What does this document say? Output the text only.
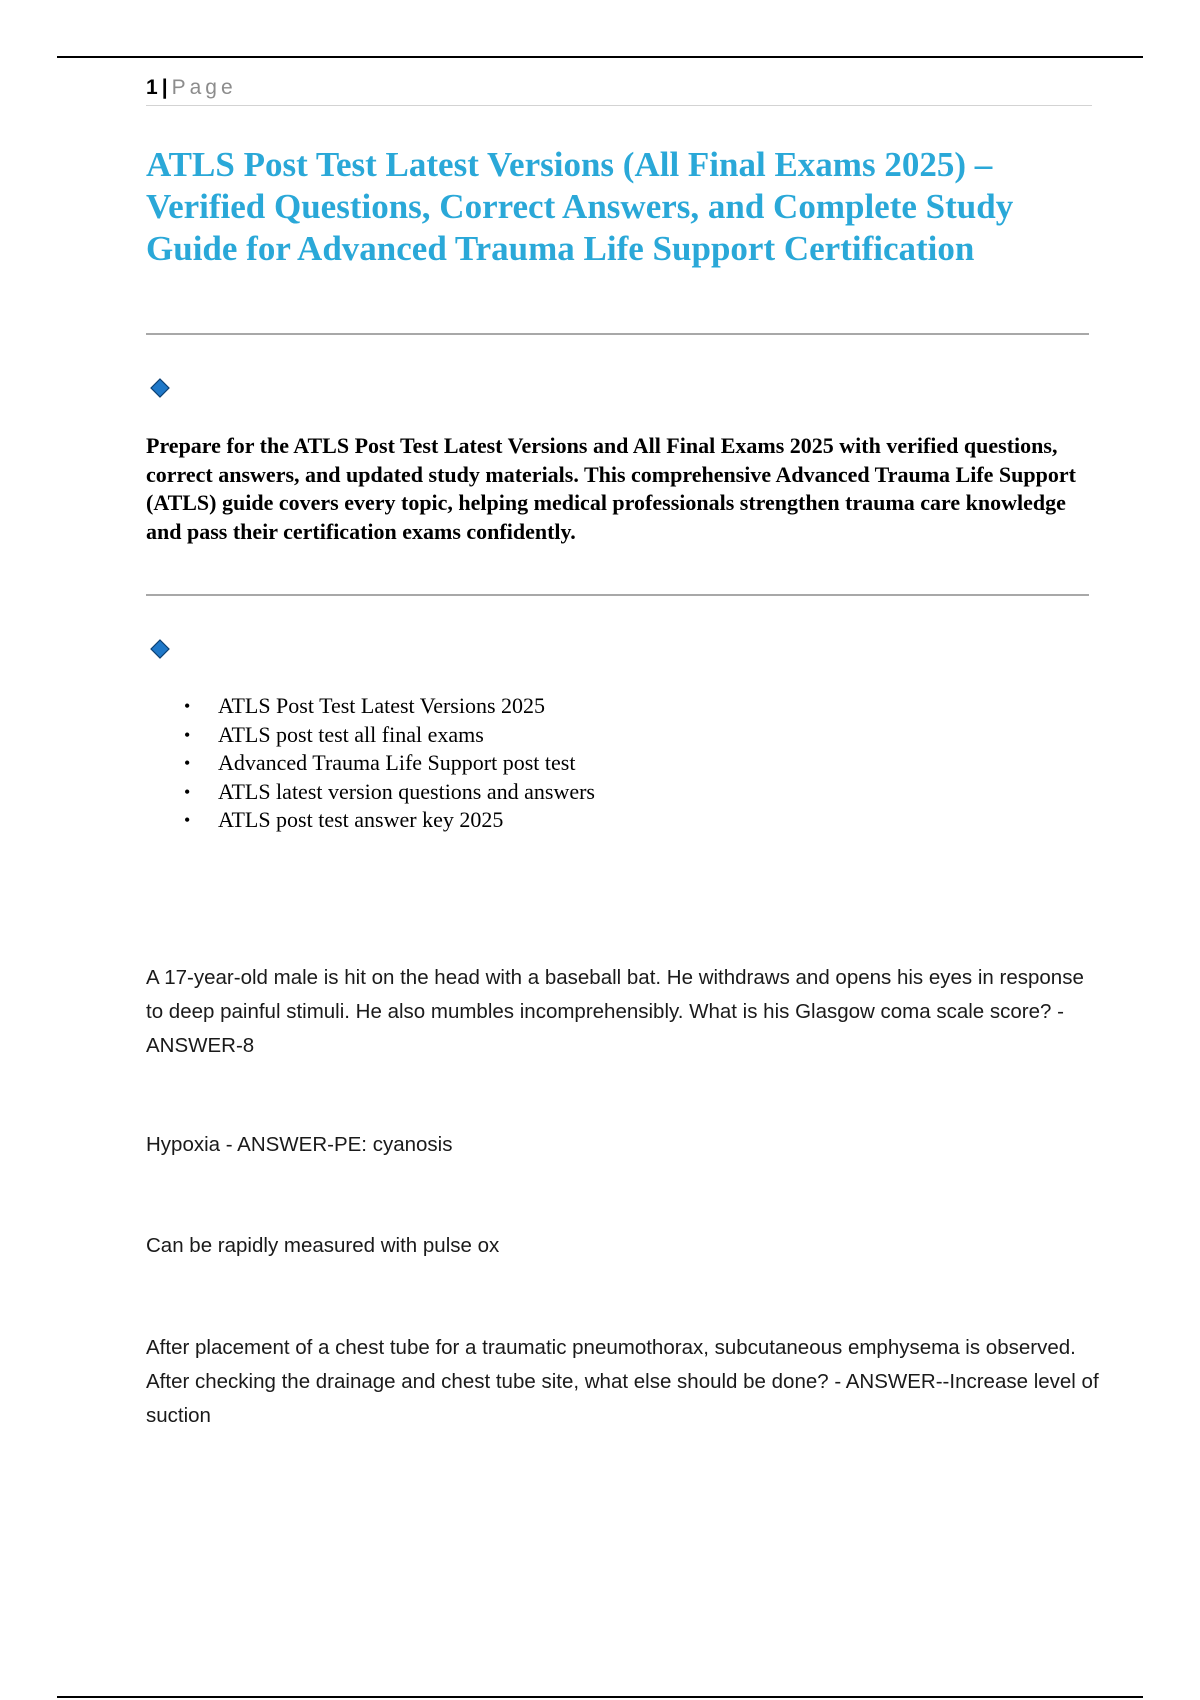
1 | Page
ATLS Post Test Latest Versions (All Final Exams 2025) – Verified Questions, Correct Answers, and Complete Study Guide for Advanced Trauma Life Support Certification

Prepare for the ATLS Post Test Latest Versions and All Final Exams 2025 with verified questions, correct answers, and updated study materials. This comprehensive Advanced Trauma Life Support (ATLS) guide covers every topic, helping medical professionals strengthen trauma care knowledge and pass their certification exams confidently.

• ATLS Post Test Latest Versions 2025
• ATLS post test all final exams
• Advanced Trauma Life Support post test
• ATLS latest version questions and answers
• ATLS post test answer key 2025

A 17-year-old male is hit on the head with a baseball bat. He withdraws and opens his eyes in response to deep painful stimuli. He also mumbles incomprehensibly. What is his Glasgow coma scale score? - ANSWER-8

Hypoxia - ANSWER-PE: cyanosis

Can be rapidly measured with pulse ox

After placement of a chest tube for a traumatic pneumothorax, subcutaneous emphysema is observed. After checking the drainage and chest tube site, what else should be done? - ANSWER--Increase level of suction
